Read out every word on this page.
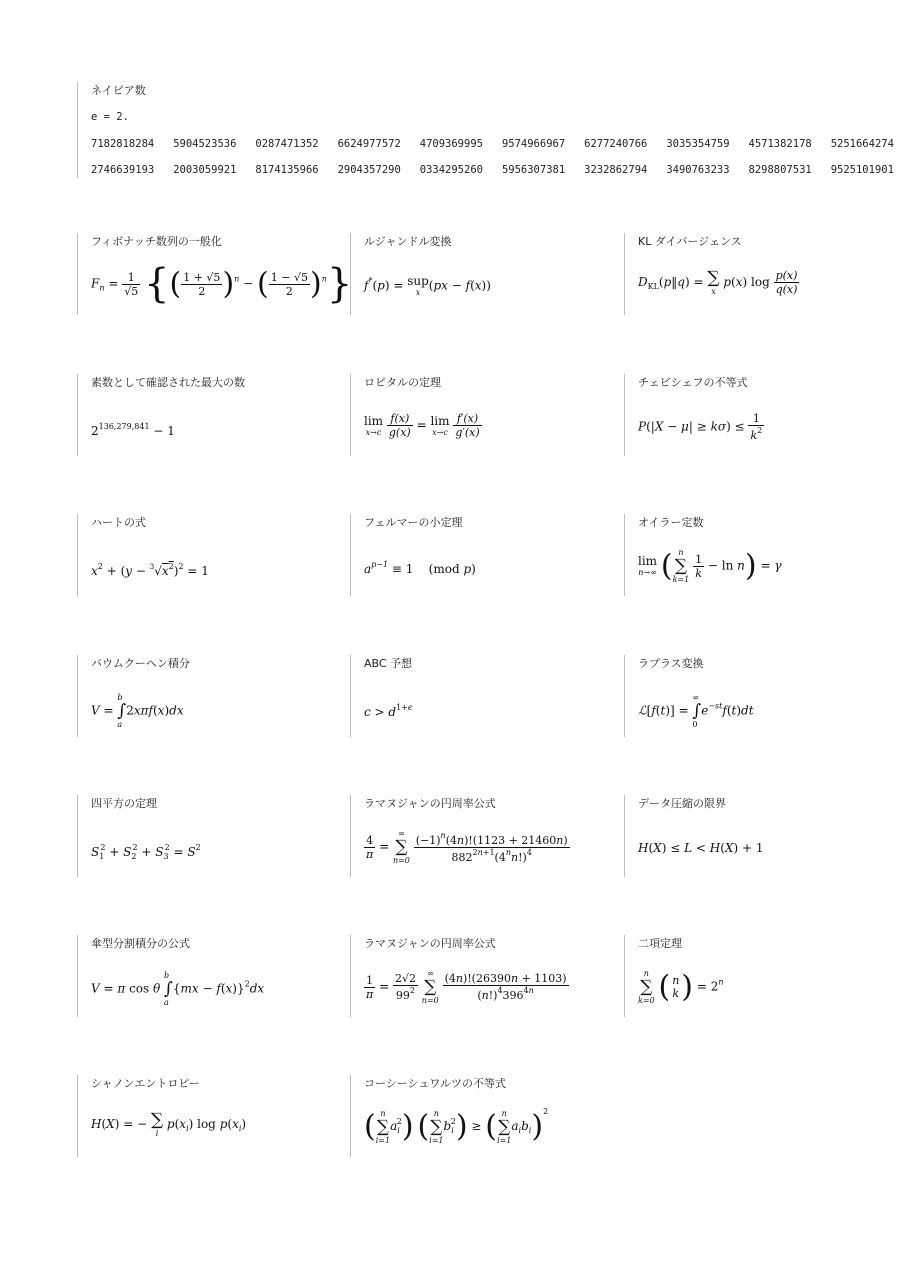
ネイピア数
e = 2.
7182818284 5904523536 0287471352 6624977572 4709369995 9574966967 6277240766 3035354759 4571382178 5251664274
2746639193 2003059921 8174135966 2904357290 0334295260 5956307381 3232862794 3490763233 8298807531 9525101901
フィボナッチ数列の一般化
$F_n = \frac{1}{√5}$ {( $\frac{1 + √5}{2} )^n$ − ( $\frac{1 - √5}{2} )^n$}
ルジャンドル変換
f*(p) = sup
x (px − f(x))
KL ダイバージェンス
$D_{KL}(p‖q)$ = ∑
x p(x) $\log \frac{p(x)}{q(x)}$
素数として確認された最大の数
$2^{136,279,841} - 1$
ロピタルの定理
lim
$x\to c \frac{f(x)}{g(x)} = \lim$
$x\to c \frac{f'(x)}{g'(x)}$
チェビシェフの不等式
$P(|X - \mu| \ge k\sigma) \le \frac{1}{k^2}$
ハートの式
$x^2 + (y - ^3√x^2)^2 = 1$
フェルマーの小定理
$a^{p-1} \equiv 1$    (mod p)
オイラー定数
lim
n→∞ ( n
∑
$k=1 \frac{1}{k} - \ln n) = \gamma$
バウムクーヘン積分
V = b
∫
a2xπf(x)dx
ABC 予想
$c > d^{1+\epsilon}$
ラプラス変換
ℒ[f(t)] = ∞
∫
$0e^{-st}f(t)dt$
四平方の定理
$S_1^2 + S_2^2 + S_3^2 = S^2$
ラマヌジャンの円周率公式
$\frac{4}{\pi}$ = ∞
∑
$n=0 \frac{(-1)^n(4n)!(1123 + 21460n)}{882^{2n+1}(4^nn!)^4}$
データ圧縮の限界
H(X) ≤ L < H(X) + 1
傘型分割積分の公式
V = π cos θ b
∫
a{mx − f(x)}$^2$dx
ラマヌジャンの円周率公式
$\frac{1}{\pi} = \frac{2√2}{99^2}$ ∞
∑
$n=0 \frac{(4n)!(26390n + 1103)}{(n!)^4396^{4n}}$
二項定理
n
∑
k=0 ( n
k ) = $2^n$
シャノンエントロピー
H(X) = − ∑
i $p(x_i)$ $\log p(x_i)$
コーシーシュワルツの不等式
( n
∑
$i=1a_i^2$) ( n
∑
$i=1b_i^2$) ≥ ( n
∑
$i=1a_ib_i)^2$
